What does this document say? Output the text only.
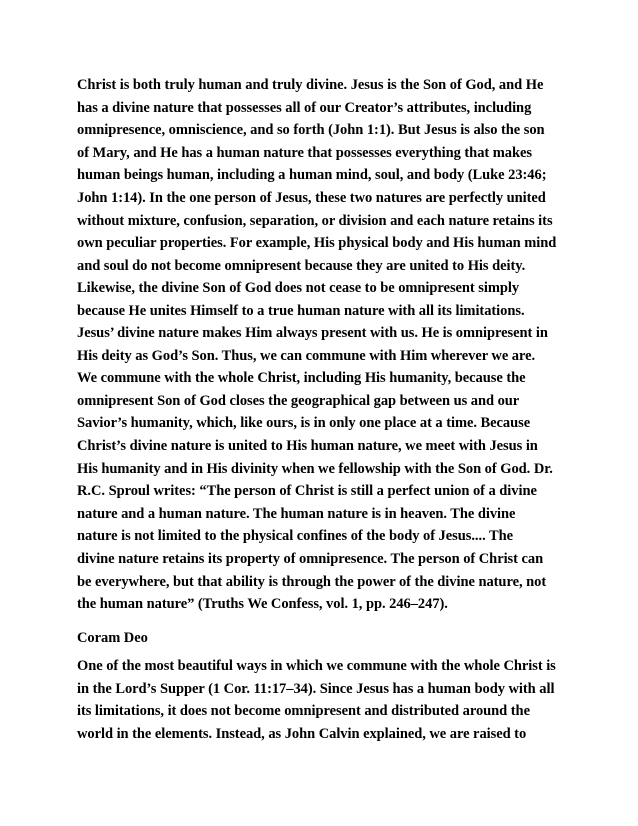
Christ is both truly human and truly divine. Jesus is the Son of God, and He
has a divine nature that possesses all of our Creator’s attributes, including
omnipresence, omniscience, and so forth (John 1:1). But Jesus is also the son
of Mary, and He has a human nature that possesses everything that makes
human beings human, including a human mind, soul, and body (Luke 23:46;
John 1:14). In the one person of Jesus, these two natures are perfectly united
without mixture, confusion, separation, or division and each nature retains its
own peculiar properties. For example, His physical body and His human mind
and soul do not become omnipresent because they are united to His deity.
Likewise, the divine Son of God does not cease to be omnipresent simply
because He unites Himself to a true human nature with all its limitations.
Jesus’ divine nature makes Him always present with us. He is omnipresent in
His deity as God’s Son. Thus, we can commune with Him wherever we are.
We commune with the whole Christ, including His humanity, because the
omnipresent Son of God closes the geographical gap between us and our
Savior’s humanity, which, like ours, is in only one place at a time. Because
Christ’s divine nature is united to His human nature, we meet with Jesus in
His humanity and in His divinity when we fellowship with the Son of God. Dr.
R.C. Sproul writes: “The person of Christ is still a perfect union of a divine
nature and a human nature. The human nature is in heaven. The divine
nature is not limited to the physical confines of the body of Jesus.... The
divine nature retains its property of omnipresence. The person of Christ can
be everywhere, but that ability is through the power of the divine nature, not
the human nature” (Truths We Confess, vol. 1, pp. 246–247).
Coram Deo
One of the most beautiful ways in which we commune with the whole Christ is
in the Lord’s Supper (1 Cor. 11:17–34). Since Jesus has a human body with all
its limitations, it does not become omnipresent and distributed around the
world in the elements. Instead, as John Calvin explained, we are raised to
